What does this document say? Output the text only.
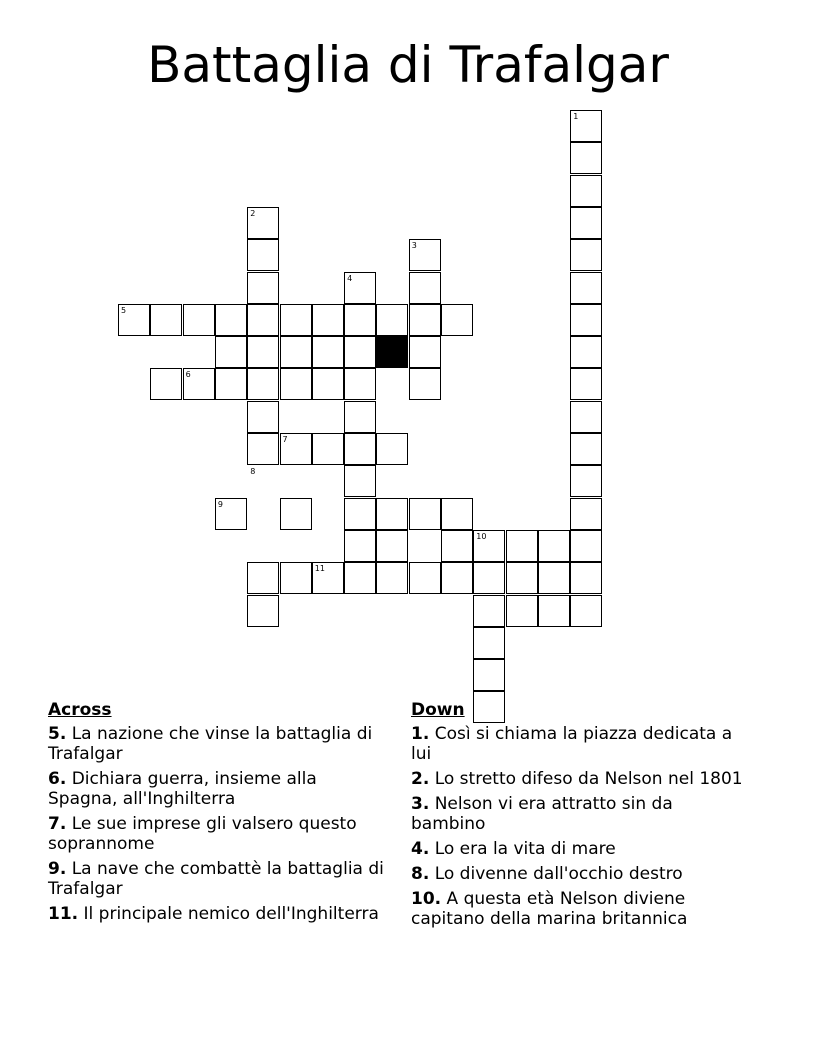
Battaglia di Trafalgar
1
2
3
4
5
6
7
8
9
10
11
Across
5. La nazione che vinse la battaglia di Trafalgar
6. Dichiara guerra, insieme alla Spagna, all'Inghilterra
7. Le sue imprese gli valsero questo soprannome
9. La nave che combattè la battaglia di Trafalgar
11. Il principale nemico dell'Inghilterra
Down
1. Così si chiama la piazza dedicata a lui
2. Lo stretto difeso da Nelson nel 1801
3. Nelson vi era attratto sin da bambino
4. Lo era la vita di mare
8. Lo divenne dall'occhio destro
10. A questa età Nelson diviene capitano della marina britannica
